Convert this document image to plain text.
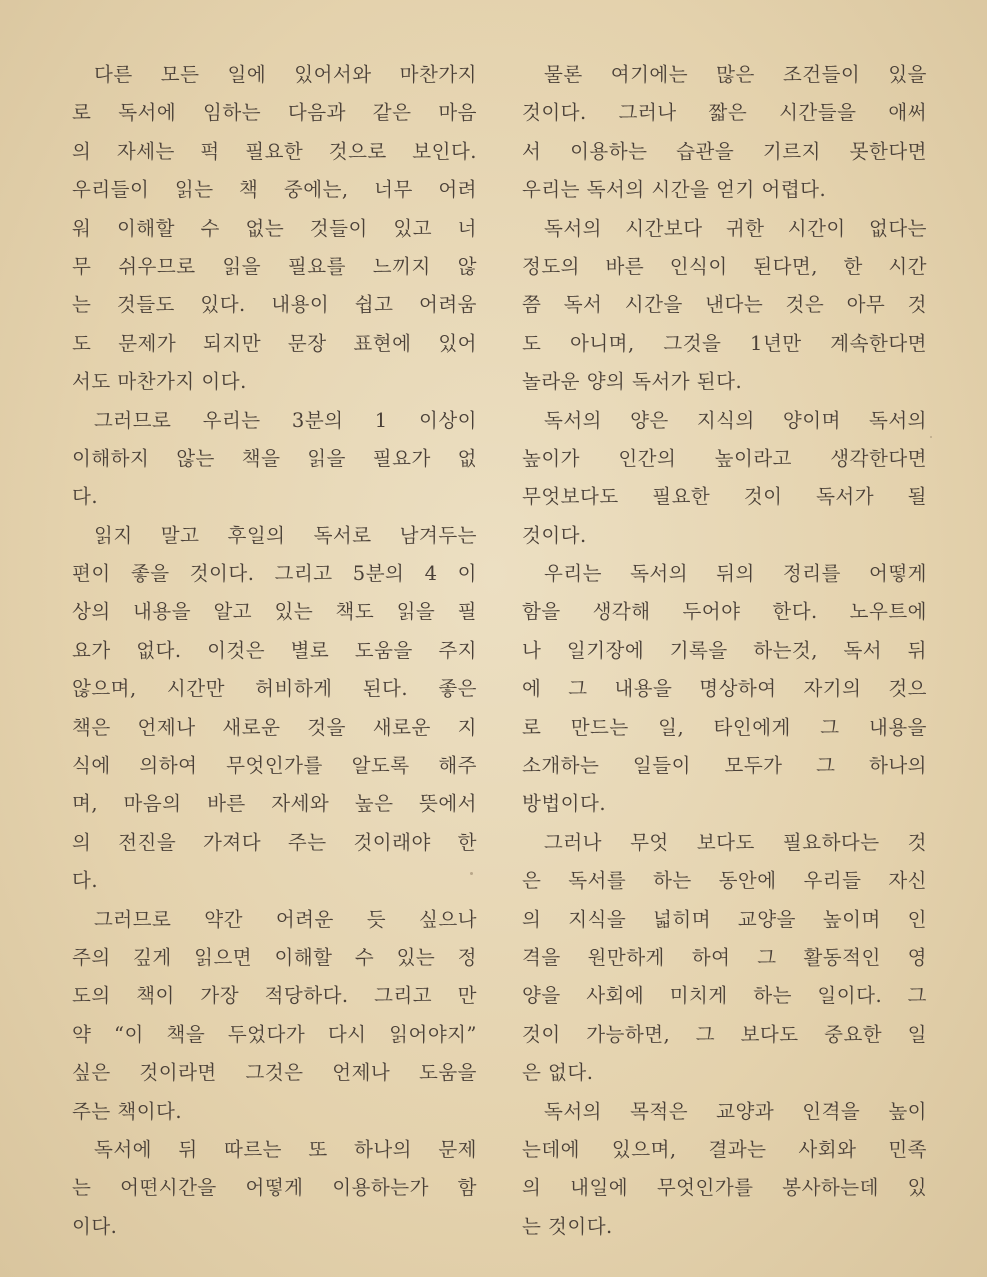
다른 모든 일에 있어서와 마찬가지
로 독서에 임하는 다음과 같은 마음
의 자세는 퍽 필요한 것으로 보인다.
우리들이 읽는 책 중에는, 너무 어려
워 이해할 수 없는 것들이 있고 너
무 쉬우므로 읽을 필요를 느끼지 않
는 것들도 있다. 내용이 쉽고 어려움
도 문제가 되지만 문장 표현에 있어
서도 마찬가지 이다.
그러므로 우리는 3분의 1 이상이
이해하지 않는 책을 읽을 필요가 없
다.
읽지 말고 후일의 독서로 남겨두는
편이 좋을 것이다. 그리고 5분의 4 이
상의 내용을 알고 있는 책도 읽을 필
요가 없다. 이것은 별로 도움을 주지
않으며, 시간만 허비하게 된다. 좋은
책은 언제나 새로운 것을 새로운 지
식에 의하여 무엇인가를 알도록 해주
며, 마음의 바른 자세와 높은 뜻에서
의 전진을 가져다 주는 것이래야 한
다.
그러므로 약간 어려운 듯 싶으나
주의 깊게 읽으면 이해할 수 있는 정
도의 책이 가장 적당하다. 그리고 만
약 “이 책을 두었다가 다시 읽어야지”
싶은 것이라면 그것은 언제나 도움을
주는 책이다.
독서에 뒤 따르는 또 하나의 문제
는 어떤시간을 어떻게 이용하는가 함
이다.
물론 여기에는 많은 조건들이 있을
것이다. 그러나 짧은 시간들을 애써
서 이용하는 습관을 기르지 못한다면
우리는 독서의 시간을 얻기 어렵다.
독서의 시간보다 귀한 시간이 없다는
정도의 바른 인식이 된다면, 한 시간
쯤 독서 시간을 낸다는 것은 아무 것
도 아니며, 그것을 1년만 계속한다면
놀라운 양의 독서가 된다.
독서의 양은 지식의 양이며 독서의
높이가 인간의 높이라고 생각한다면
무엇보다도 필요한 것이 독서가 될
것이다.
우리는 독서의 뒤의 정리를 어떻게
함을 생각해 두어야 한다. 노우트에
나 일기장에 기록을 하는것, 독서 뒤
에 그 내용을 명상하여 자기의 것으
로 만드는 일, 타인에게 그 내용을
소개하는 일들이 모두가 그 하나의
방법이다.
그러나 무엇 보다도 필요하다는 것
은 독서를 하는 동안에 우리들 자신
의 지식을 넓히며 교양을 높이며 인
격을 원만하게 하여 그 활동적인 영
양을 사회에 미치게 하는 일이다. 그
것이 가능하면, 그 보다도 중요한 일
은 없다.
독서의 목적은 교양과 인격을 높이
는데에 있으며, 결과는 사회와 민족
의 내일에 무엇인가를 봉사하는데 있
는 것이다.
